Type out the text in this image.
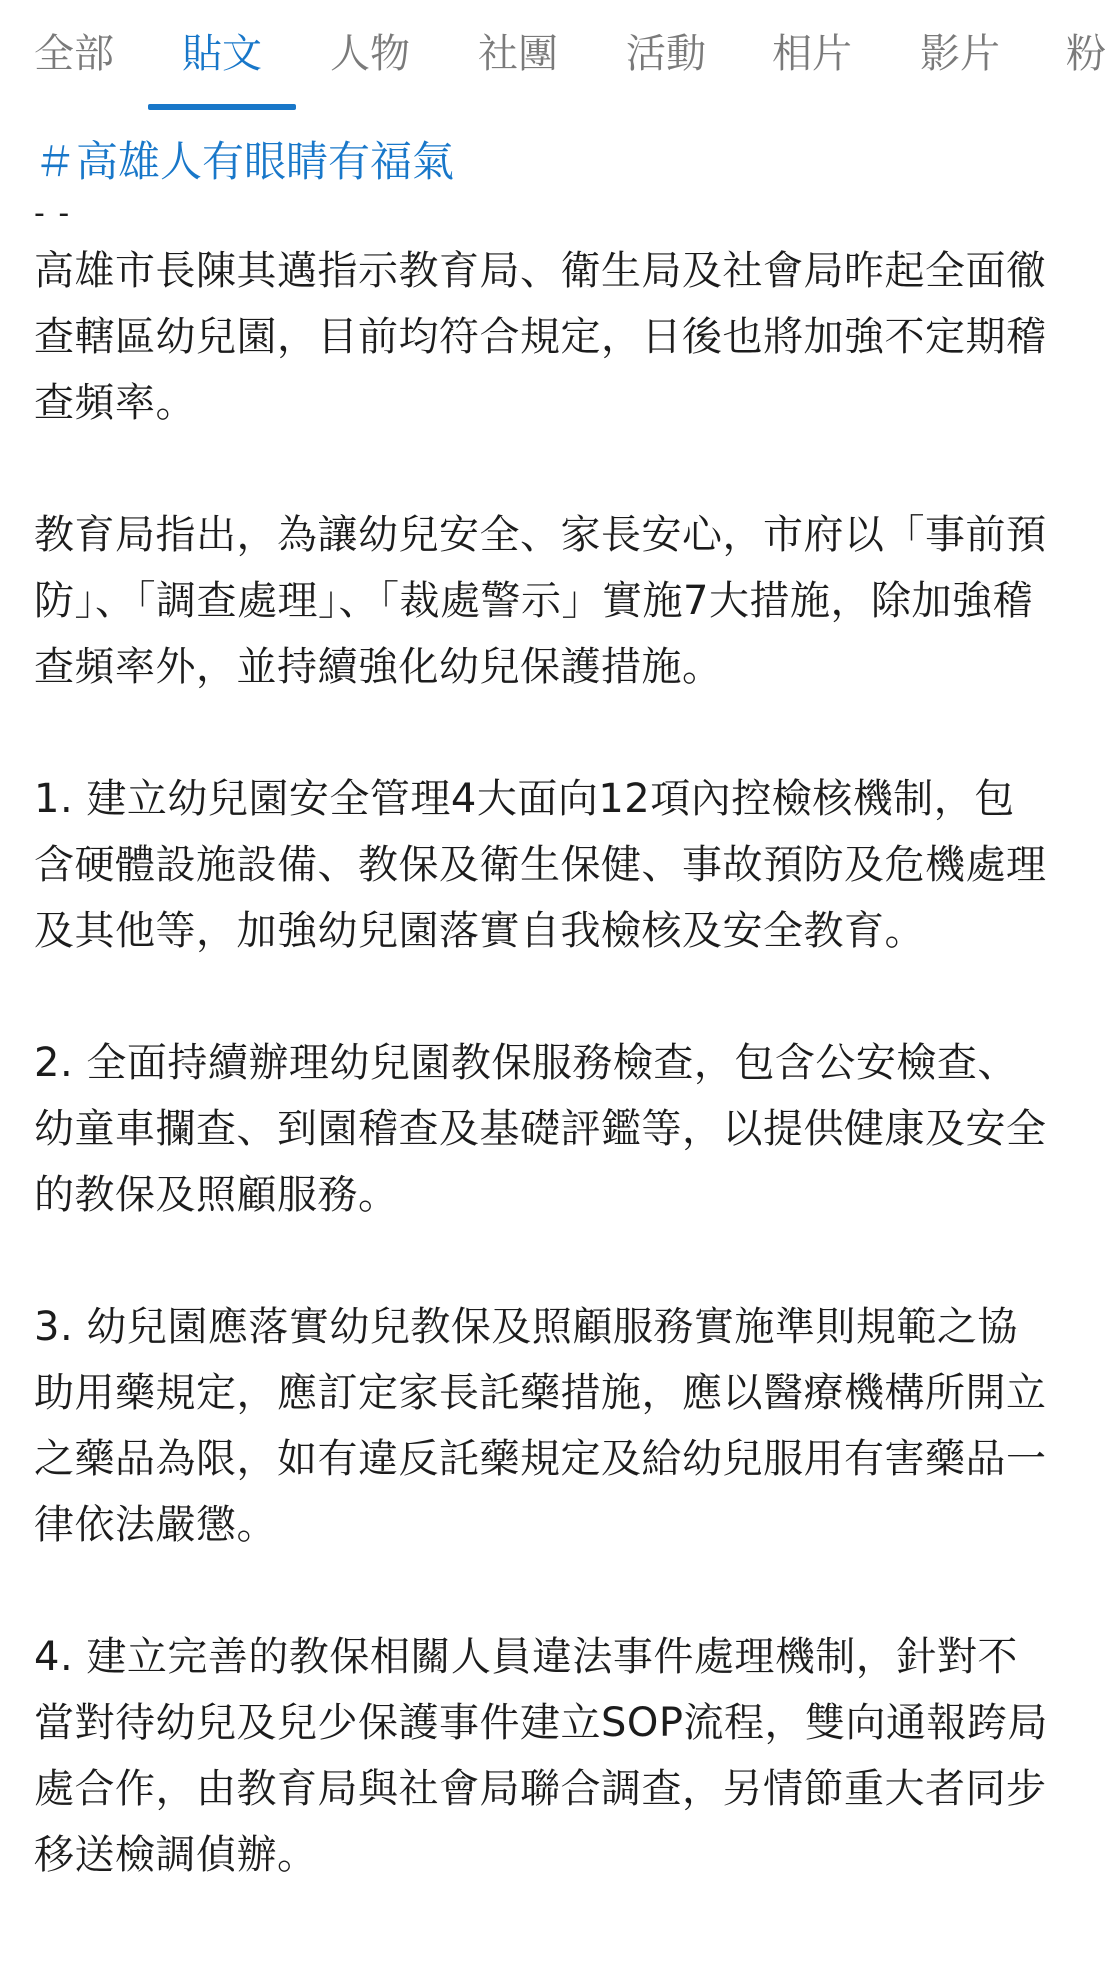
全部 貼文 人物 社團 活動 相片 影片 粉
＃高雄人有眼睛有福氣
- -

高雄市長陳其邁指示教育局、衛生局及社會局昨起全面徹查轄區幼兒園，目前均符合規定，日後也將加強不定期稽查頻率。

教育局指出，為讓幼兒安全、家長安心，市府以「事前預防」、「調查處理」、「裁處警示」實施7大措施，除加強稽查頻率外，並持續強化幼兒保護措施。

1. 建立幼兒園安全管理4大面向12項內控檢核機制，包含硬體設施設備、教保及衛生保健、事故預防及危機處理及其他等，加強幼兒園落實自我檢核及安全教育。

2. 全面持續辦理幼兒園教保服務檢查，包含公安檢查、幼童車攔查、到園稽查及基礎評鑑等，以提供健康及安全的教保及照顧服務。

3. 幼兒園應落實幼兒教保及照顧服務實施準則規範之協助用藥規定，應訂定家長託藥措施，應以醫療機構所開立之藥品為限，如有違反託藥規定及給幼兒服用有害藥品一律依法嚴懲。

4. 建立完善的教保相關人員違法事件處理機制，針對不當對待幼兒及兒少保護事件建立SOP流程，雙向通報跨局處合作，由教育局與社會局聯合調查，另情節重大者同步移送檢調偵辦。
